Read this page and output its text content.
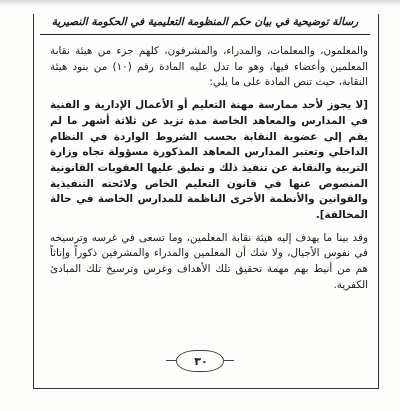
رسالة توضيحية في بيان حكم المنظومة التعليمية في الحكومة النصيرية

والمعلمون، والمعلمات، والمدراء، والمشرفون، كلهم جزء من هيئة نقابة المعلمين وأعضاء فيها، وهو ما تدل عليه المادة رقم (١٠) من بنود هيئة النقابة، حيث تنص المادة على ما يلي:

[لا يجوز لأحد ممارسة مهنة التعليم أو الأعمال الإدارية و الفنية في المدارس والمعاهد الخاصة مدة تزيد عن ثلاثة أشهر ما لم يقم إلى عضوية النقابة بحسب الشروط الواردة في النظام الداخلي وتعتبر المدارس المعاهد المذكورة مسؤولة تجاه وزارة التربية والنقابة عن تنفيذ ذلك و تطبق عليها العقوبات القانونية المنصوص عنها في قانون التعليم الخاص ولائحته التنفيذية والقوانين والأنظمة الأخرى الناظمة للمدارس الخاصة في حالة المخالفة].

وقد بينا ما يهدف إليه هيئة نقابة المعلمين، وما تسعى في غرسه وترسيخه في نفوس الأجيال، ولا شك أن المعلمين والمدراء والمشرفين ذكوراً وإناثاً هم من أنيط بهم مهمة تحقيق تلك الأهداف وغرس وترسيخ تلك المبادئ الكفرية.

٣٠
